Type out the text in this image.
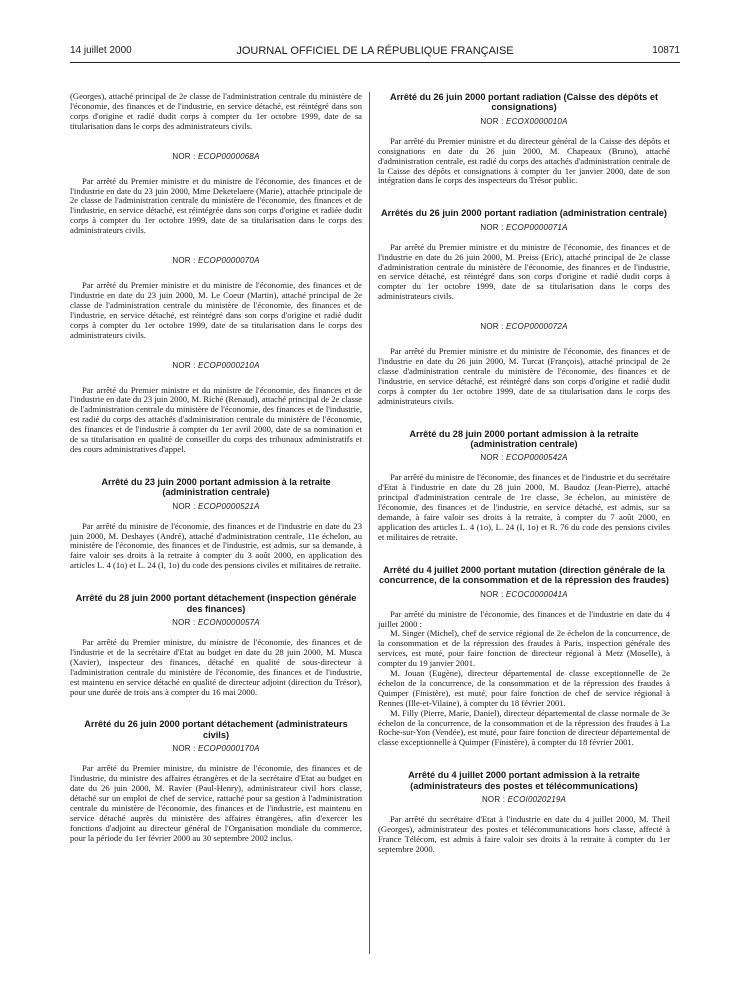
14 juillet 2000	JOURNAL OFFICIEL DE LA RÉPUBLIQUE FRANÇAISE	10871

(Georges), attaché principal de 2e classe de l'administration centrale du ministère de l'économie, des finances et de l'industrie, en service détaché, est réintégré dans son corps d'origine et radié dudit corps à compter du 1er octobre 1999, date de sa titularisation dans le corps des administrateurs civils.

NOR : ECOP0000068A

Par arrêté du Premier ministre et du ministre de l'économie, des finances et de l'industrie en date du 23 juin 2000, Mme Deketelaere (Marie), attachée principale de 2e classe de l'administration centrale du ministère de l'économie, des finances et de l'industrie, en service détaché, est réintégrée dans son corps d'origine et radiée dudit corps à compter du 1er octobre 1999, date de sa titularisation dans le corps des administrateurs civils.

NOR : ECOP0000070A

Par arrêté du Premier ministre et du ministre de l'économie, des finances et de l'industrie en date du 23 juin 2000, M. Le Coeur (Martin), attaché principal de 2e classe de l'administration centrale du ministère de l'économie, des finances et de l'industrie, en service détaché, est réintégré dans son corps d'origine et radié dudit corps à compter du 1er octobre 1999, date de sa titularisation dans le corps des administrateurs civils.

NOR : ECOP0000210A

Par arrêté du Premier ministre et du ministre de l'économie, des finances et de l'industrie en date du 23 juin 2000, M. Riché (Renaud), attaché principal de 2e classe de l'administration centrale du ministère de l'économie, des finances et de l'industrie, est radié du corps des attachés d'administration centrale du ministère de l'économie, des finances et de l'industrie à compter du 1er avril 2000, date de sa nomination et de sa titularisation en qualité de conseiller du corps des tribunaux administratifs et des cours administratives d'appel.

Arrêté du 23 juin 2000 portant admission à la retraite (administration centrale)
NOR : ECOP0000521A

Par arrêté du ministre de l'économie, des finances et de l'industrie en date du 23 juin 2000, M. Deshayes (André), attaché d'administration centrale, 11e échelon, au ministère de l'économie, des finances et de l'industrie, est admis, sur sa demande, à faire valoir ses droits à la retraite à compter du 3 août 2000, en application des articles L. 4 (1o) et L. 24 (I, 1o) du code des pensions civiles et militaires de retraite.

Arrêté du 28 juin 2000 portant détachement (inspection générale des finances)
NOR : ECON0000057A

Par arrêté du Premier ministre, du ministre de l'économie, des finances et de l'industrie et de la secrétaire d'Etat au budget en date du 28 juin 2000, M. Musca (Xavier), inspecteur des finances, détaché en qualité de sous-directeur à l'administration centrale du ministère de l'économie, des finances et de l'industrie, est maintenu en service détaché en qualité de directeur adjoint (direction du Trésor), pour une durée de trois ans à compter du 16 mai 2000.

Arrêté du 26 juin 2000 portant détachement (administrateurs civils)
NOR : ECOP0000170A

Par arrêté du Premier ministre, du ministre de l'économie, des finances et de l'industrie, du ministre des affaires étrangères et de la secrétaire d'Etat au budget en date du 26 juin 2000, M. Ravier (Paul-Henry), administrateur civil hors classe, détaché sur un emploi de chef de service, rattaché pour sa gestion à l'administration centrale du ministère de l'économie, des finances et de l'industrie, est maintenu en service détaché auprès du ministère des affaires étrangères, afin d'exercer les fonctions d'adjoint au directeur général de l'Organisation mondiale du commerce, pour la période du 1er février 2000 au 30 septembre 2002 inclus.

Arrêté du 26 juin 2000 portant radiation (Caisse des dépôts et consignations)
NOR : ECOX0000010A

Par arrêté du Premier ministre et du directeur général de la Caisse des dépôts et consignations en date du 26 juin 2000, M. Chapeaux (Bruno), attaché d'administration centrale, est radié du corps des attachés d'administration centrale de la Caisse des dépôts et consignations à compter du 1er janvier 2000, date de son intégration dans le corps des inspecteurs du Trésor public.

Arrêtés du 26 juin 2000 portant radiation (administration centrale)
NOR : ECOP0000071A

Par arrêté du Premier ministre et du ministre de l'économie, des finances et de l'industrie en date du 26 juin 2000, M. Preiss (Eric), attaché principal de 2e classe d'administration centrale du ministère de l'économie, des finances et de l'industrie, en service détaché, est réintégré dans son corps d'origine et radié dudit corps à compter du 1er octobre 1999, date de sa titularisation dans le corps des administrateurs civils.

NOR : ECOP0000072A

Par arrêté du Premier ministre et du ministre de l'économie, des finances et de l'industrie en date du 26 juin 2000, M. Turcat (François), attaché principal de 2e classe d'administration centrale du ministère de l'économie, des finances et de l'industrie, en service détaché, est réintégré dans son corps d'origine et radié dudit corps à compter du 1er octobre 1999, date de sa titularisation dans le corps des administrateurs civils.

Arrêté du 28 juin 2000 portant admission à la retraite (administration centrale)
NOR : ECOP0000542A

Par arrêté du ministre de l'économie, des finances et de l'industrie et du secrétaire d'Etat à l'industrie en date du 28 juin 2000, M. Baudoz (Jean-Pierre), attaché principal d'administration centrale de 1re classe, 3e échelon, au ministère de l'économie, des finances et de l'industrie, en service détaché, est admis, sur sa demande, à faire valoir ses droits à la retraite, à compter du 7 août 2000, en application des articles L. 4 (1o), L. 24 (I, 1o) et R. 76 du code des pensions civiles et militaires de retraite.

Arrêté du 4 juillet 2000 portant mutation (direction générale de la concurrence, de la consommation et de la répression des fraudes)
NOR : ECOC0000041A

Par arrêté du ministre de l'économie, des finances et de l'industrie en date du 4 juillet 2000 :

M. Singer (Michel), chef de service régional de 2e échelon de la concurrence, de la consommation et de la répression des fraudes à Paris, inspection générale des services, est muté, pour faire fonction de directeur régional à Metz (Moselle), à compter du 19 janvier 2001.

M. Jouan (Eugène), directeur départemental de classe exceptionnelle de 2e échelon de la concurrence, de la consommation et de la répression des fraudes à Quimper (Finistère), est muté, pour faire fonction de chef de service régional à Rennes (Ille-et-Vilaine), à compter du 18 février 2001.

M. Filly (Pierre, Marie, Daniel), directeur départemental de classe normale de 3e échelon de la concurrence, de la consommation et de la répression des fraudes à La Roche-sur-Yon (Vendée), est muté, pour faire fonction de directeur départemental de classe exceptionnelle à Quimper (Finistère), à compter du 18 février 2001.

Arrêté du 4 juillet 2000 portant admission à la retraite (administrateurs des postes et télécommunications)
NOR : ECOI0020219A

Par arrêté du secrétaire d'Etat à l'industrie en date du 4 juillet 2000, M. Theil (Georges), administrateur des postes et télécommunications hors classe, affecté à France Télécom, est admis à faire valoir ses droits à la retraite à compter du 1er septembre 2000.
